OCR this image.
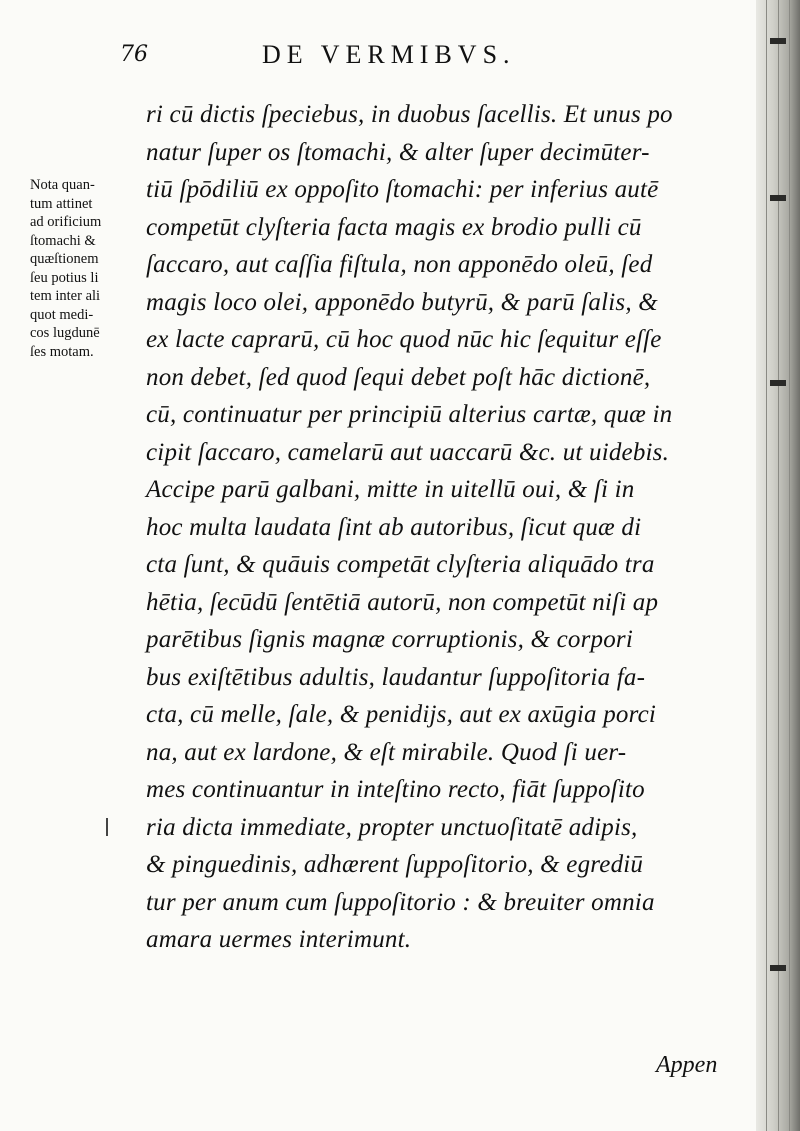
76	DE VERMIBVS.
Nota quan-
tum attinet
ad orificium
ſtomachi &
quæſtionem
ſeu potius li
tem inter ali
quot medi-
cos lugdunē
ſes motam.
ri cū dictis ſpeciebus, in duobus ſacellis. Et unus po
natur ſuper os ſtomachi, & alter ſuper decimūter-
tiū ſpōdiliū ex oppoſito ſtomachi: per inferius autē
competūt clyſteria facta magis ex brodio pulli cū
ſaccaro, aut caſſia fiſtula, non apponēdo oleū, ſed
magis loco olei, apponēdo butyrū, & parū ſalis, &
ex lacte caprarū, cū hoc quod nūc hic ſequitur eſſe
non debet, ſed quod ſequi debet poſt hāc dictionē,
cū, continuatur per principiū alterius cartæ, quæ in
cipit ſaccaro, camelarū aut uaccarū &c. ut uidebis.
Accipe parū galbani, mitte in uitellū oui, & ſi in
hoc multa laudata ſint ab autoribus, ſicut quæ di
cta ſunt, & quāuis competāt clyſteria aliquādo tra
hētia, ſecūdū ſentētiā autorū, non competūt niſi ap
parētibus ſignis magnæ corruptionis, & corpori
bus exiſtētibus adultis, laudantur ſuppoſitoria fa-
cta, cū melle, ſale, & penidijs, aut ex axūgia porci
na, aut ex lardone, & eſt mirabile. Quod ſi uer-
mes continuantur in inteſtino recto, fiāt ſuppoſito
ria dicta immediate, propter unctuoſitatē adipis,
& pinguedinis, adhærent ſuppoſitorio, & egrediū
tur per anum cum ſuppoſitorio : & breuiter omnia
amara uermes interimunt.
Appen
